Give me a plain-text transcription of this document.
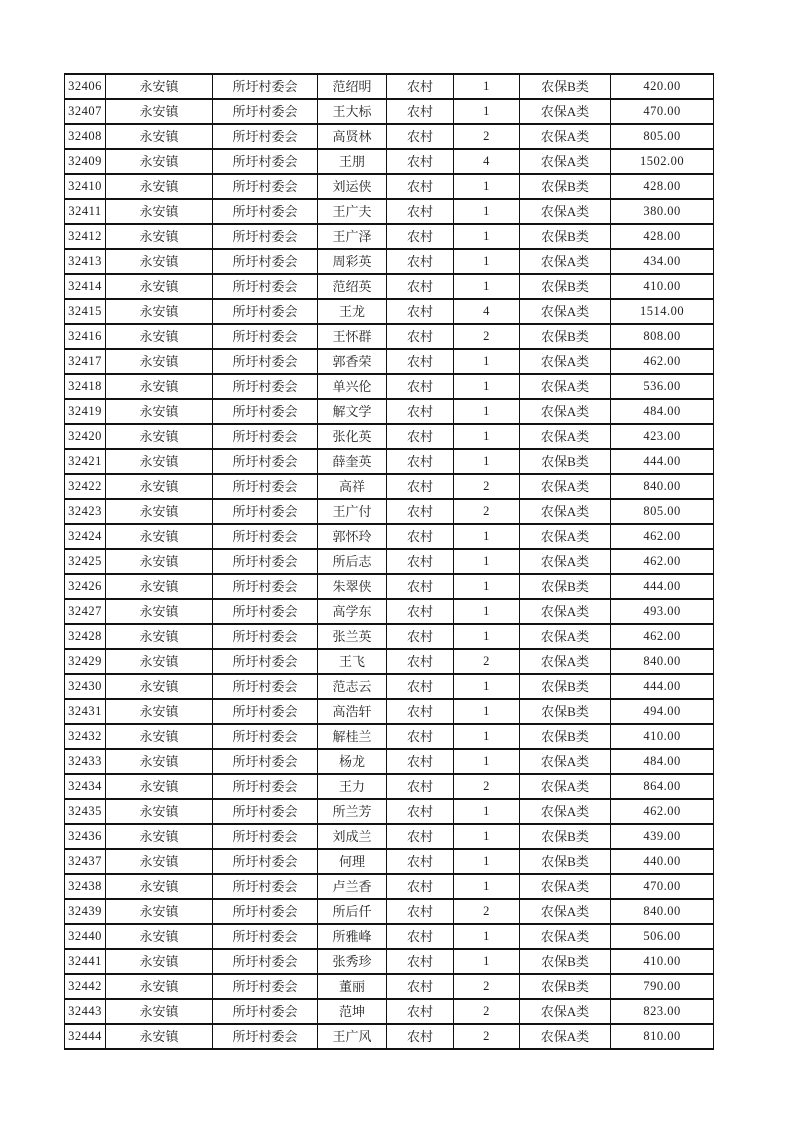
32406	永安镇	所圩村委会	范绍明	农村	1	农保B类	420.00
32407	永安镇	所圩村委会	王大标	农村	1	农保A类	470.00
32408	永安镇	所圩村委会	高贤林	农村	2	农保A类	805.00
32409	永安镇	所圩村委会	王朋	农村	4	农保A类	1502.00
32410	永安镇	所圩村委会	刘运侠	农村	1	农保B类	428.00
32411	永安镇	所圩村委会	王广夫	农村	1	农保A类	380.00
32412	永安镇	所圩村委会	王广泽	农村	1	农保B类	428.00
32413	永安镇	所圩村委会	周彩英	农村	1	农保A类	434.00
32414	永安镇	所圩村委会	范绍英	农村	1	农保B类	410.00
32415	永安镇	所圩村委会	王龙	农村	4	农保A类	1514.00
32416	永安镇	所圩村委会	王怀群	农村	2	农保B类	808.00
32417	永安镇	所圩村委会	郭香荣	农村	1	农保A类	462.00
32418	永安镇	所圩村委会	单兴伦	农村	1	农保A类	536.00
32419	永安镇	所圩村委会	解文学	农村	1	农保A类	484.00
32420	永安镇	所圩村委会	张化英	农村	1	农保A类	423.00
32421	永安镇	所圩村委会	薛奎英	农村	1	农保B类	444.00
32422	永安镇	所圩村委会	高祥	农村	2	农保A类	840.00
32423	永安镇	所圩村委会	王广付	农村	2	农保A类	805.00
32424	永安镇	所圩村委会	郭怀玲	农村	1	农保A类	462.00
32425	永安镇	所圩村委会	所后志	农村	1	农保A类	462.00
32426	永安镇	所圩村委会	朱翠侠	农村	1	农保B类	444.00
32427	永安镇	所圩村委会	高学东	农村	1	农保A类	493.00
32428	永安镇	所圩村委会	张兰英	农村	1	农保A类	462.00
32429	永安镇	所圩村委会	王飞	农村	2	农保A类	840.00
32430	永安镇	所圩村委会	范志云	农村	1	农保B类	444.00
32431	永安镇	所圩村委会	高浩轩	农村	1	农保B类	494.00
32432	永安镇	所圩村委会	解桂兰	农村	1	农保B类	410.00
32433	永安镇	所圩村委会	杨龙	农村	1	农保A类	484.00
32434	永安镇	所圩村委会	王力	农村	2	农保A类	864.00
32435	永安镇	所圩村委会	所兰芳	农村	1	农保A类	462.00
32436	永安镇	所圩村委会	刘成兰	农村	1	农保B类	439.00
32437	永安镇	所圩村委会	何理	农村	1	农保B类	440.00
32438	永安镇	所圩村委会	卢兰香	农村	1	农保A类	470.00
32439	永安镇	所圩村委会	所后仟	农村	2	农保A类	840.00
32440	永安镇	所圩村委会	所雅峰	农村	1	农保A类	506.00
32441	永安镇	所圩村委会	张秀珍	农村	1	农保B类	410.00
32442	永安镇	所圩村委会	董丽	农村	2	农保B类	790.00
32443	永安镇	所圩村委会	范坤	农村	2	农保A类	823.00
32444	永安镇	所圩村委会	王广风	农村	2	农保A类	810.00
